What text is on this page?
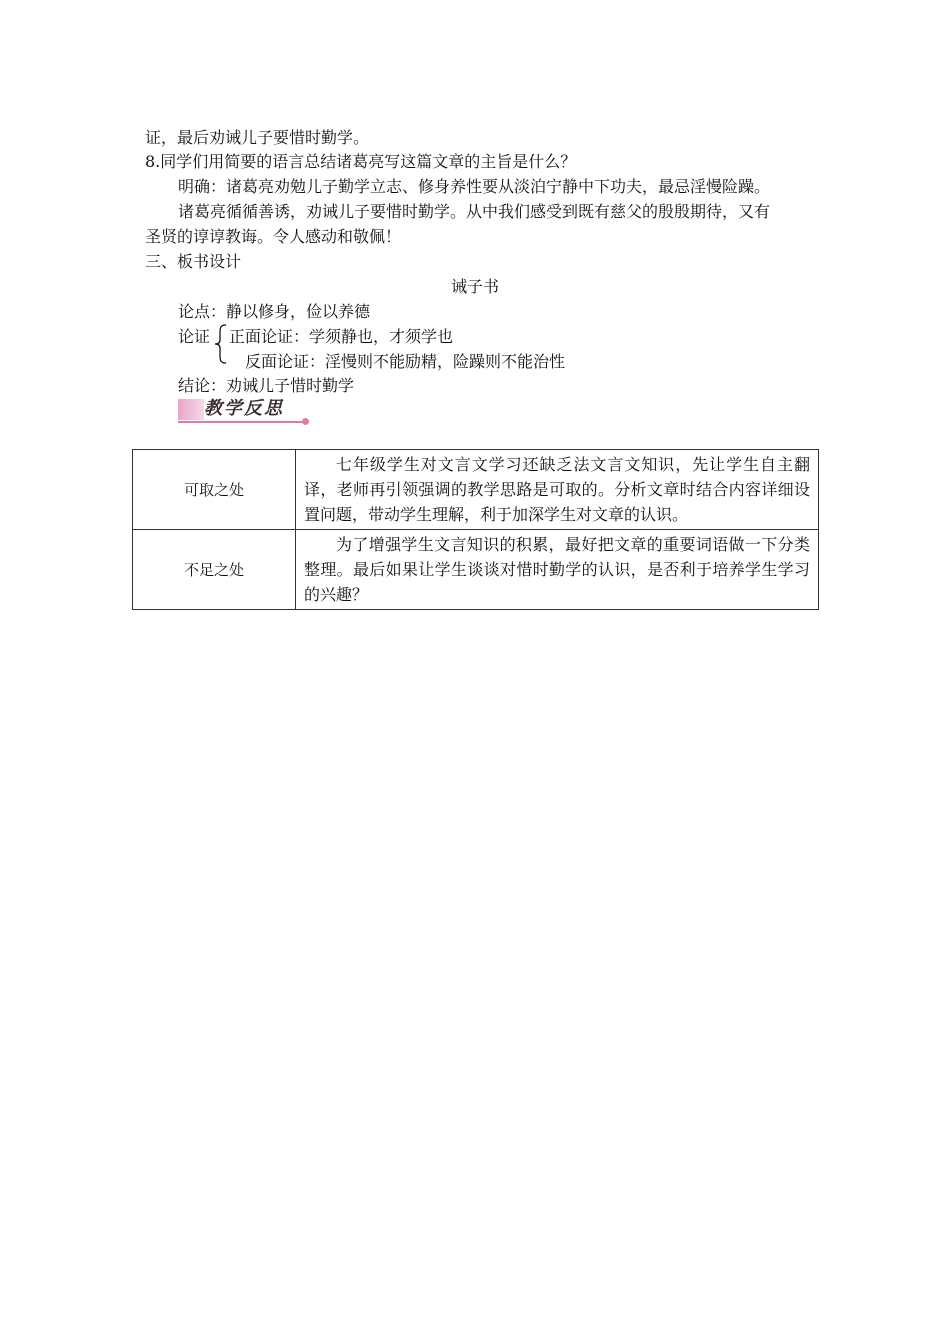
证，最后劝诫儿子要惜时勤学。
8.同学们用简要的语言总结诸葛亮写这篇文章的主旨是什么？
明确：诸葛亮劝勉儿子勤学立志、修身养性要从淡泊宁静中下功夫，最忌淫慢险躁。
诸葛亮循循善诱，劝诫儿子要惜时勤学。从中我们感受到既有慈父的殷殷期待，又有
圣贤的谆谆教诲。令人感动和敬佩！
三、板书设计
诫子书
论点：静以修身，俭以养德
论证 正面论证：学须静也，才须学也
反面论证：淫慢则不能励精，险躁则不能治性
结论：劝诫儿子惜时勤学
教学反思
可取之处	七年级学生对文言文学习还缺乏法文言文知识，先让学生自主翻译，老师再引领强调的教学思路是可取的。分析文章时结合内容详细设置问题，带动学生理解，利于加深学生对文章的认识。
不足之处	为了增强学生文言知识的积累，最好把文章的重要词语做一下分类整理。最后如果让学生谈谈对惜时勤学的认识，是否利于培养学生学习的兴趣？
